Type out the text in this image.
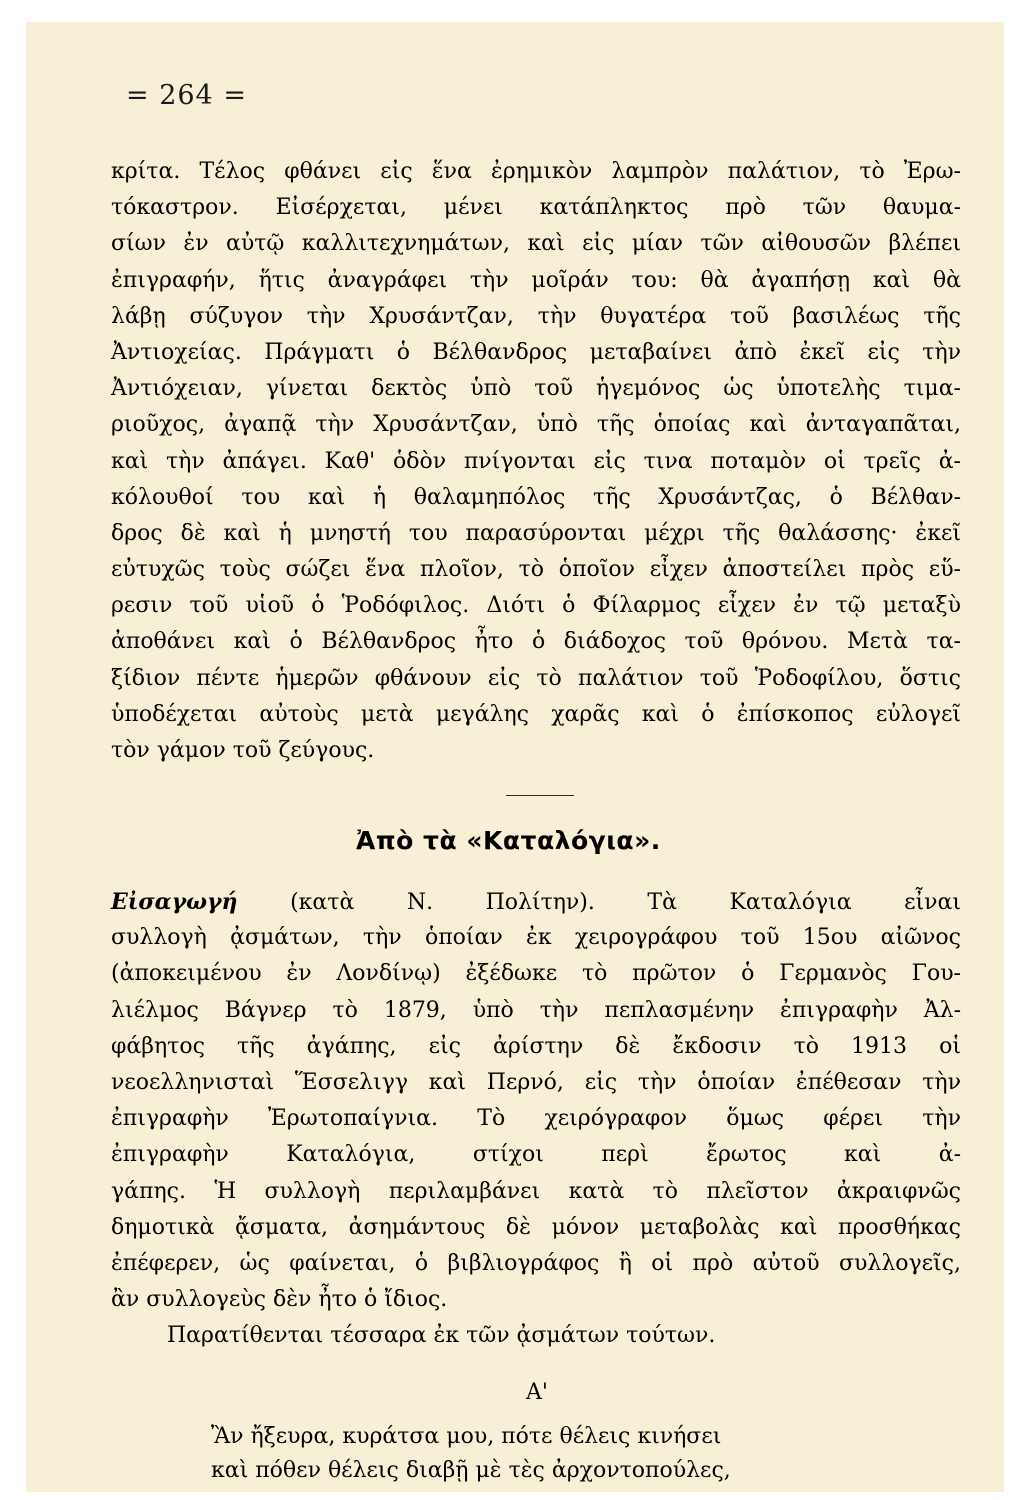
= 264 =
κρίτα. Τέλος φθάνει εἰς ἕνα ἐρημικὸν λαμπρὸν παλάτιον, τὸ Ἐρω-
τόκαστρον. Εἰσέρχεται, μένει κατάπληκτος πρὸ τῶν θαυμα-
σίων ἐν αὐτῷ καλλιτεχνημάτων, καὶ εἰς μίαν τῶν αἰθουσῶν βλέπει
ἐπιγραφήν, ἥτις ἀναγράφει τὴν μοῖράν του: θὰ ἀγαπήσῃ καὶ θὰ
λάβῃ σύζυγον τὴν Χρυσάντζαν, τὴν θυγατέρα τοῦ βασιλέως τῆς
Ἀντιοχείας. Πράγματι ὁ Βέλθανδρος μεταβαίνει ἀπὸ ἐκεῖ εἰς τὴν
Ἀντιόχειαν, γίνεται δεκτὸς ὑπὸ τοῦ ἡγεμόνος ὡς ὑποτελὴς τιμα-
ριοῦχος, ἀγαπᾷ τὴν Χρυσάντζαν, ὑπὸ τῆς ὁποίας καὶ ἀνταγαπᾶται,
καὶ τὴν ἀπάγει. Καθ' ὁδὸν πνίγονται εἰς τινα ποταμὸν οἱ τρεῖς ἀ-
κόλουθοί του καὶ ἡ θαλαμηπόλος τῆς Χρυσάντζας, ὁ Βέλθαν-
δρος δὲ καὶ ἡ μνηστή του παρασύρονται μέχρι τῆς θαλάσσης· ἐκεῖ
εὐτυχῶς τοὺς σώζει ἕνα πλοῖον, τὸ ὁποῖον εἶχεν ἀποστείλει πρὸς εὕ-
ρεσιν τοῦ υἱοῦ ὁ Ῥοδόφιλος. Διότι ὁ Φίλαρμος εἶχεν ἐν τῷ μεταξὺ
ἀποθάνει καὶ ὁ Βέλθανδρος ἦτο ὁ διάδοχος τοῦ θρόνου. Μετὰ τα-
ξίδιον πέντε ἡμερῶν φθάνουν εἰς τὸ παλάτιον τοῦ Ῥοδοφίλου, ὅστις
ὑποδέχεται αὐτοὺς μετὰ μεγάλης χαρᾶς καὶ ὁ ἐπίσκοπος εὐλογεῖ
τὸν γάμον τοῦ ζεύγους.
Ἀπὸ τὰ «Καταλόγια».
Εἰσαγωγή (κατὰ Ν. Πολίτην). Τὰ Καταλόγια εἶναι
συλλογὴ ᾀσμάτων, τὴν ὁποίαν ἐκ χειρογράφου τοῦ 15ου αἰῶνος
(ἀποκειμένου ἐν Λονδίνῳ) ἐξέδωκε τὸ πρῶτον ὁ Γερμανὸς Γου-
λιέλμος Βάγνερ τὸ 1879, ὑπὸ τὴν πεπλασμένην ἐπιγραφὴν Ἀλ-
φάβητος τῆς ἀγάπης, εἰς ἀρίστην δὲ ἔκδοσιν τὸ 1913 οἱ
νεοελληνισταὶ Ἕσσελιγγ καὶ Περνό, εἰς τὴν ὁποίαν ἐπέθεσαν τὴν
ἐπιγραφὴν Ἐρωτοπαίγνια. Τὸ χειρόγραφον ὅμως φέρει τὴν
ἐπιγραφὴν Καταλόγια, στίχοι περὶ ἔρωτος καὶ ἀ-
γάπης. Ἡ συλλογὴ περιλαμβάνει κατὰ τὸ πλεῖστον ἀκραιφνῶς
δημοτικὰ ᾄσματα, ἀσημάντους δὲ μόνον μεταβολὰς καὶ προσθήκας
ἐπέφερεν, ὡς φαίνεται, ὁ βιβλιογράφος ἢ οἱ πρὸ αὐτοῦ συλλογεῖς,
ἂν συλλογεὺς δὲν ἦτο ὁ ἴδιος.
Παρατίθενται τέσσαρα ἐκ τῶν ᾀσμάτων τούτων.
Α'
Ἂν ἤξευρα, κυράτσα μου, πότε θέλεις κινήσει
καὶ πόθεν θέλεις διαβῇ μὲ τὲς ἀρχοντοπούλες,
